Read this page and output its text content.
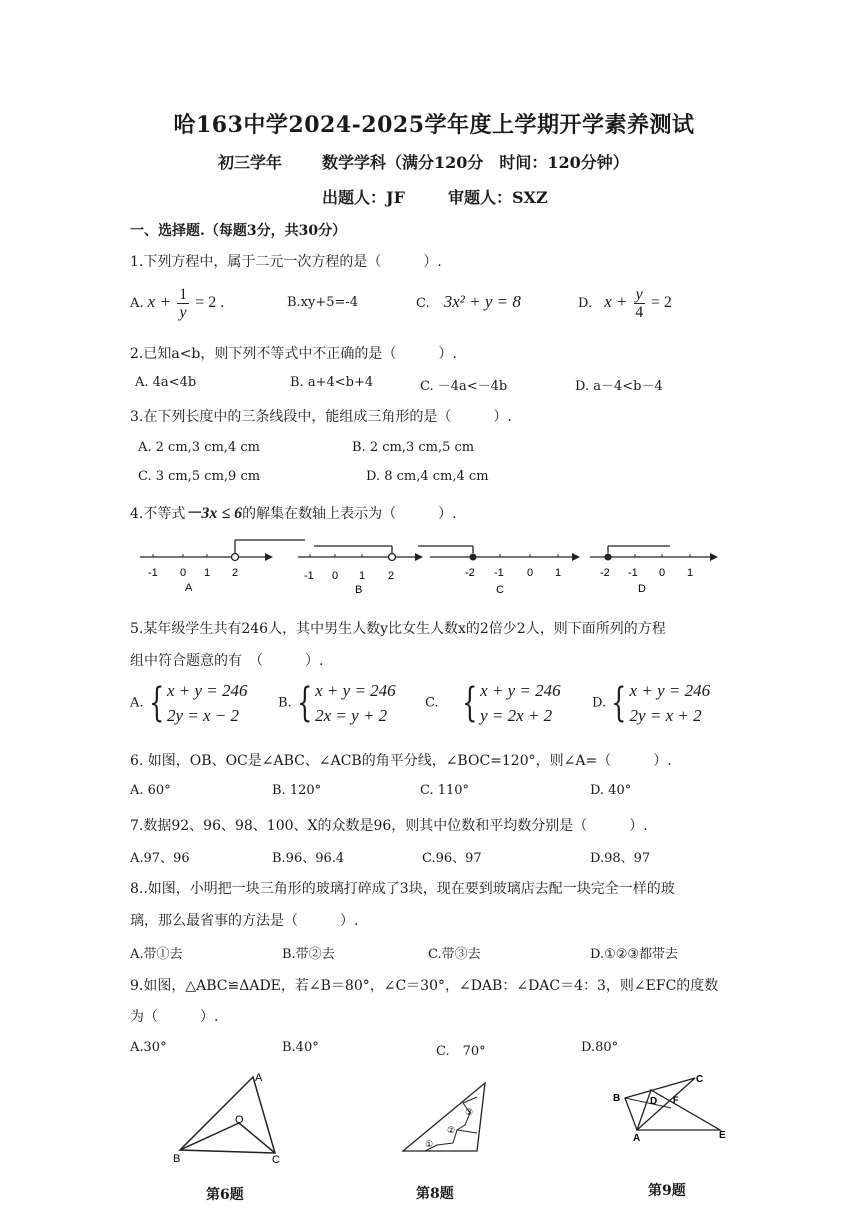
哈163中学2024-2025学年度上学期开学素养测试
初三学年 数学学科（满分120分　时间：120分钟）
出题人：JF	审题人：SXZ
一、选择题.（每题3分，共30分）
1.下列方程中，属于二元一次方程的是（　　　）.
A. $x + \frac{1}{y} = 2$ .	B.xy+5=-4	C. 3x² + y = 8	D. $x + \frac{y}{4} = 2$
2.已知a<b，则下列不等式中不正确的是（　　　）.
A. 4a<4b	B. a+4<b+4	C. －4a<－4b	D. a－4<b－4
3.在下列长度中的三条线段中，能组成三角形的是（　　　）.
A. 2 cm,3 cm,4 cm	B. 2 cm,3 cm,5 cm
C. 3 cm,5 cm,9 cm	D. 8 cm,4 cm,4 cm
4.不等式－3x ≤ 6的解集在数轴上表示为（　　　）.
-1 0 1 2
A
-1 0 1 2
B
-2 -1 0 1
C
-2 -1 0 1
D
5.某年级学生共有246人，其中男生人数y比女生人数x的2倍少2人，则下面所列的方程
组中符合题意的有　（　　　）.
A. { x + y = 246
2y = x − 2
B. { x + y = 246
2x = y + 2
C. { x + y = 246
y = 2x + 2
D. { x + y = 246
2y = x + 2
6. 如图，OB、OC是∠ABC、∠ACB的角平分线，∠BOC=120°，则∠A=（　　　）.
A. 60°	B. 120°	C. 110°	D. 40°
7.数据92、96、98、100、X的众数是96，则其中位数和平均数分别是（　　　）.
A.97、96	B.96、96.4	C.96、97	D.98、97
8..如图，小明把一块三角形的玻璃打碎成了3块，现在要到玻璃店去配一块完全一样的玻
璃，那么最省事的方法是（　　　）.
A.带①去	B.带②去	C.带③去	D.①②③都带去
9.如图，△ABC≌ΔADE，若∠B＝80°，∠C＝30°，∠DAB：∠DAC＝4：3，则∠EFC的度数
为（　　　）.
A.30°	B.40°	C.　70°	D.80°
A
B	C
O
第6题
①
②
③
第8题
B
C
D F
A	E
第9题
